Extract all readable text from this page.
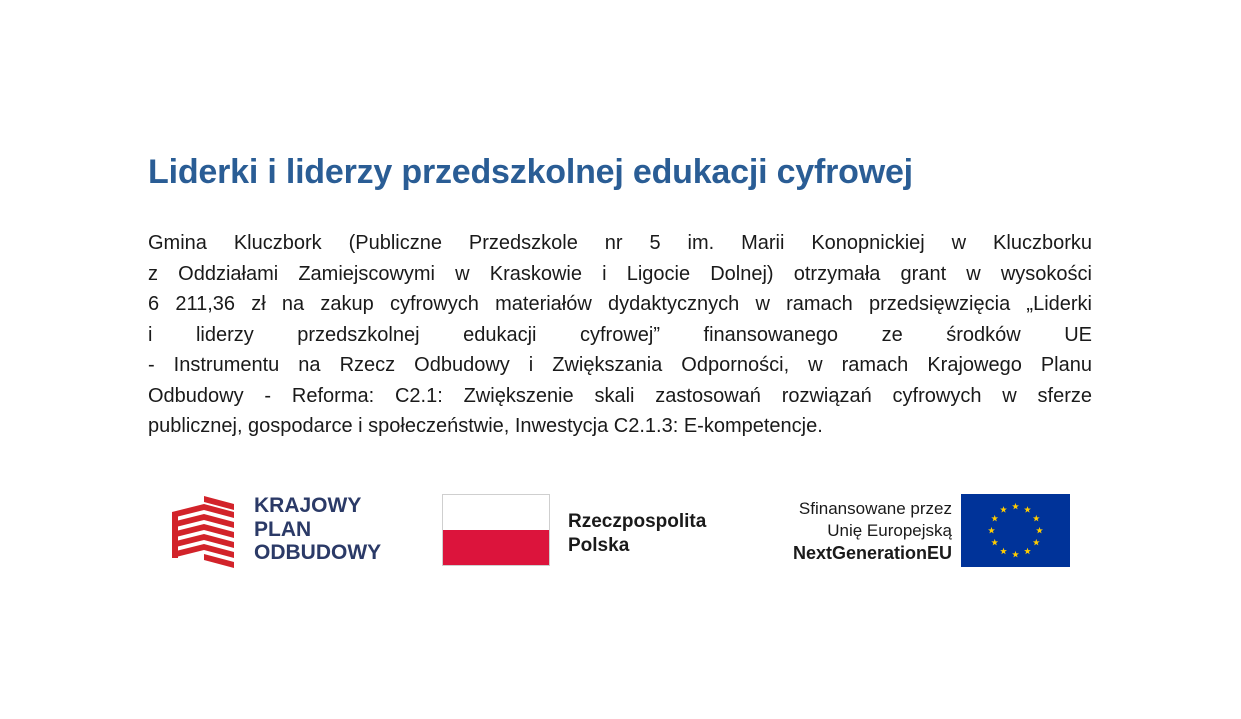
Liderki i liderzy przedszkolnej edukacji cyfrowej
Gmina Kluczbork (Publiczne Przedszkole nr 5 im. Marii Konopnickiej w Kluczborku
z Oddziałami Zamiejscowymi w Kraskowie i Ligocie Dolnej) otrzymała grant w wysokości
6 211,36 zł na zakup cyfrowych materiałów dydaktycznych w ramach przedsięwzięcia „Liderki
i liderzy przedszkolnej edukacji cyfrowej” finansowanego ze środków UE
- Instrumentu na Rzecz Odbudowy i Zwiększania Odporności, w ramach Krajowego Planu
Odbudowy - Reforma: C2.1: Zwiększenie skali zastosowań rozwiązań cyfrowych w sferze
publicznej, gospodarce i społeczeństwie, Inwestycja C2.1.3: E-kompetencje.
KRAJOWY
PLAN
ODBUDOWY
Rzeczpospolita
Polska
Sfinansowane przez
Unię Europejską
NextGenerationEU
